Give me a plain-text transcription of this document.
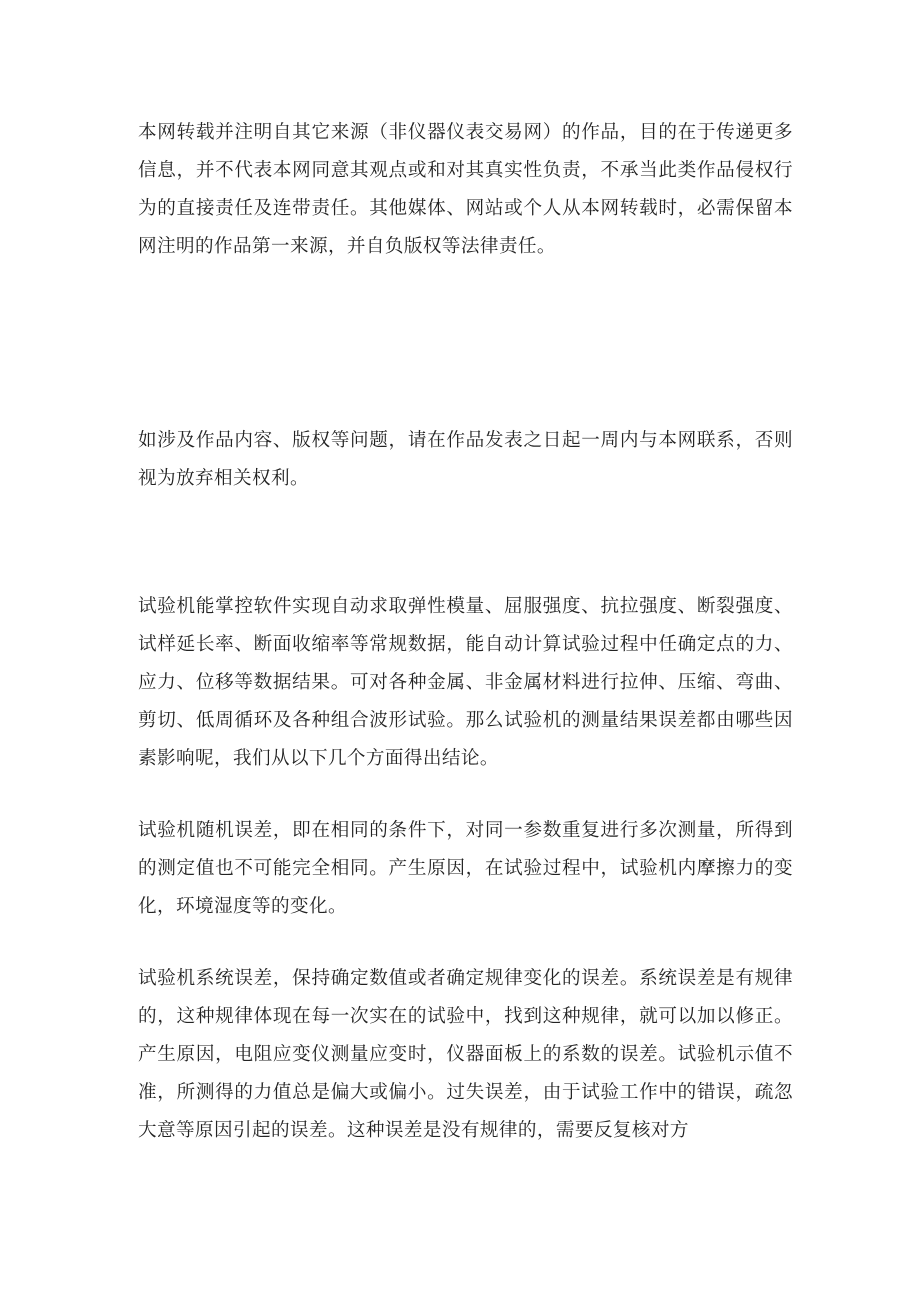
本网转载并注明自其它来源（非仪器仪表交易网）的作品，目的在于传递更多信息，并不代表本网同意其观点或和对其真实性负责，不承当此类作品侵权行为的直接责任及连带责任。其他媒体、网站或个人从本网转载时，必需保留本网注明的作品第一来源，并自负版权等法律责任。

如涉及作品内容、版权等问题，请在作品发表之日起一周内与本网联系，否则视为放弃相关权利。

试验机能掌控软件实现自动求取弹性模量、屈服强度、抗拉强度、断裂强度、试样延长率、断面收缩率等常规数据，能自动计算试验过程中任确定点的力、应力、位移等数据结果。可对各种金属、非金属材料进行拉伸、压缩、弯曲、剪切、低周循环及各种组合波形试验。那么试验机的测量结果误差都由哪些因素影响呢，我们从以下几个方面得出结论。

试验机随机误差，即在相同的条件下，对同一参数重复进行多次测量，所得到的测定值也不可能完全相同。产生原因，在试验过程中，试验机内摩擦力的变化，环境湿度等的变化。

试验机系统误差，保持确定数值或者确定规律变化的误差。系统误差是有规律的，这种规律体现在每一次实在的试验中，找到这种规律，就可以加以修正。产生原因，电阻应变仪测量应变时，仪器面板上的系数的误差。试验机示值不准，所测得的力值总是偏大或偏小。过失误差，由于试验工作中的错误，疏忽大意等原因引起的误差。这种误差是没有规律的，需要反复核对方
